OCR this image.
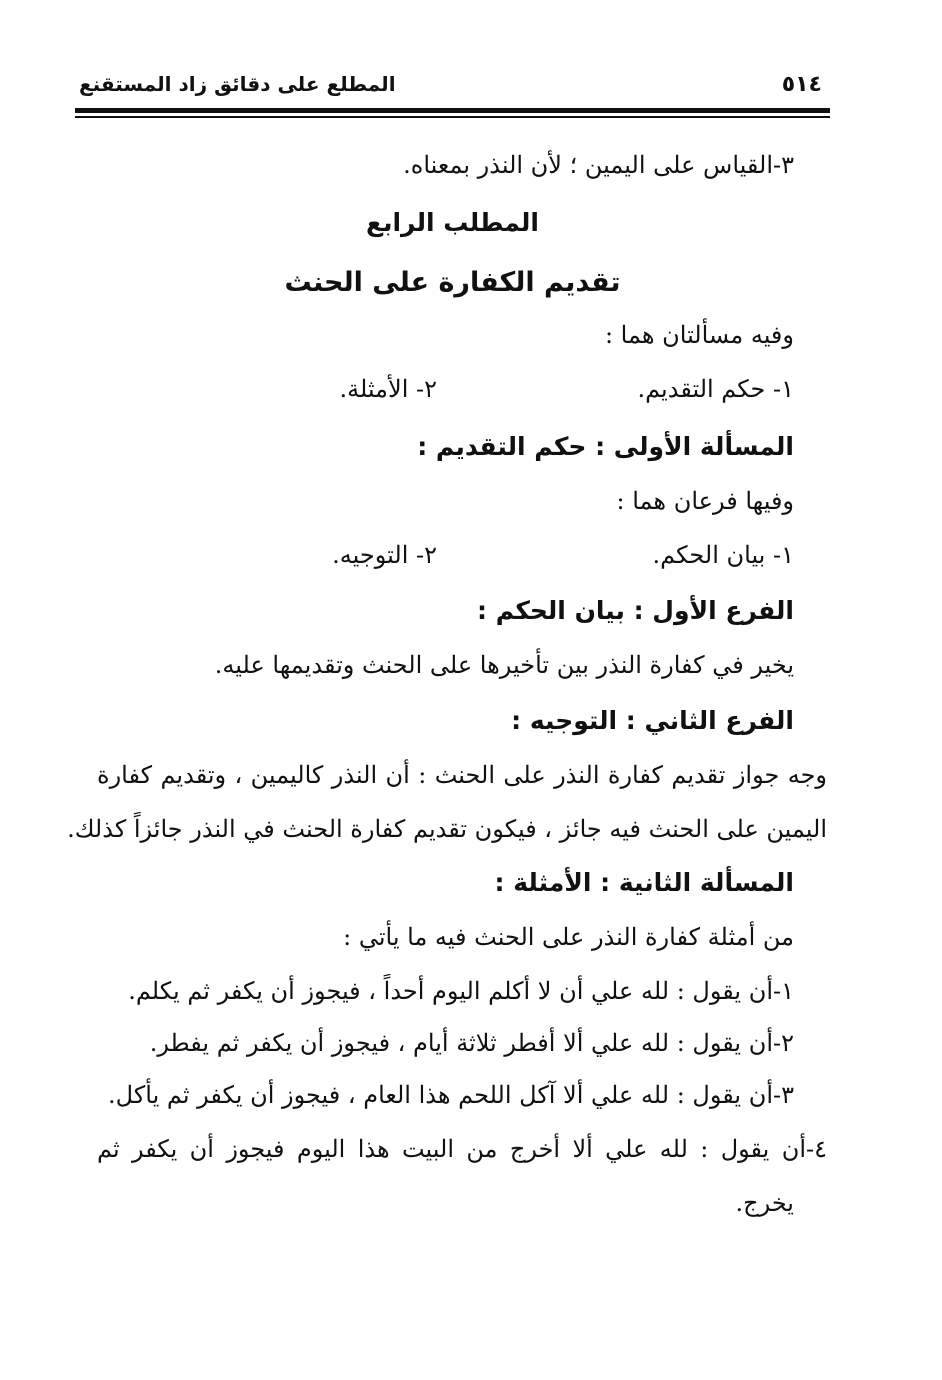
٥١٤
المطلع على دقائق زاد المستقنع
٣-القياس على اليمين ؛ لأن النذر بمعناه.
المطلب الرابع
تقديم الكفارة على الحنث
وفيه مسألتان هما :
١- حكم التقديم.
٢- الأمثلة.
المسألة الأولى : حكم التقديم :
وفيها فرعان هما :
١- بيان الحكم.
٢- التوجيه.
الفرع الأول : بيان الحكم :
يخير في كفارة النذر بين تأخيرها على الحنث وتقديمها عليه.
الفرع الثاني : التوجيه :
وجه جواز تقديم كفارة النذر على الحنث : أن النذر كاليمين ، وتقديم كفارة
اليمين على الحنث فيه جائز ، فيكون تقديم كفارة الحنث في النذر جائزاً كذلك.
المسألة الثانية : الأمثلة :
من أمثلة كفارة النذر على الحنث فيه ما يأتي :
١-أن يقول : لله علي أن لا أكلم اليوم أحداً ، فيجوز أن يكفر ثم يكلم.
٢-أن يقول : لله علي ألا أفطر ثلاثة أيام ، فيجوز أن يكفر ثم يفطر.
٣-أن يقول : لله علي ألا آكل اللحم هذا العام ، فيجوز أن يكفر ثم يأكل.
٤-أن يقول : لله علي ألا أخرج من البيت هذا اليوم فيجوز أن يكفر ثم
يخرج.
